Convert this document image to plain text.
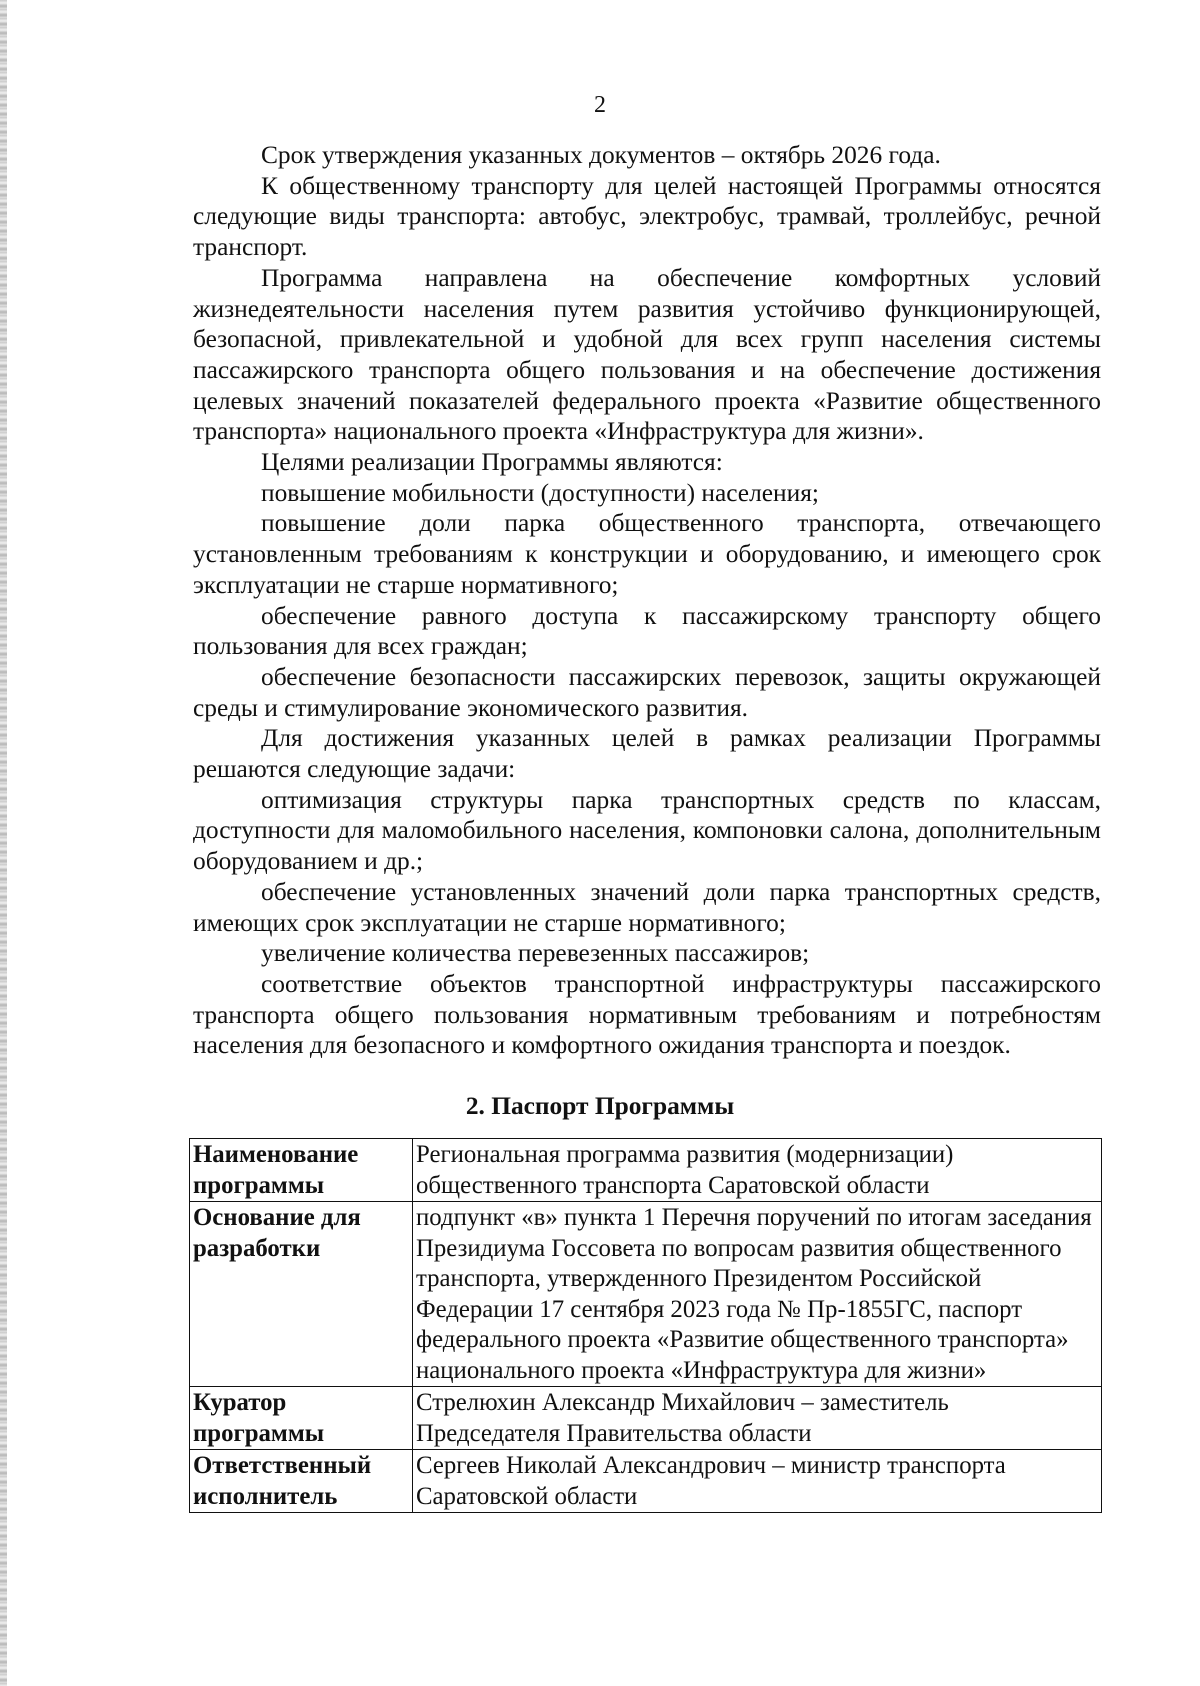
2

Срок утверждения указанных документов – октябрь 2026 года.

К общественному транспорту для целей настоящей Программы относятся следующие виды транспорта: автобус, электробус, трамвай, троллейбус, речной транспорт.

Программа направлена на обеспечение комфортных условий жизнедеятельности населения путем развития устойчиво функционирующей, безопасной, привлекательной и удобной для всех групп населения системы пассажирского транспорта общего пользования и на обеспечение достижения целевых значений показателей федерального проекта «Развитие общественного транспорта» национального проекта «Инфраструктура для жизни».

Целями реализации Программы являются:

повышение мобильности (доступности) населения;

повышение доли парка общественного транспорта, отвечающего установленным требованиям к конструкции и оборудованию, и имеющего срок эксплуатации не старше нормативного;

обеспечение равного доступа к пассажирскому транспорту общего пользования для всех граждан;

обеспечение безопасности пассажирских перевозок, защиты окружающей среды и стимулирование экономического развития.

Для достижения указанных целей в рамках реализации Программы решаются следующие задачи:

оптимизация структуры парка транспортных средств по классам, доступности для маломобильного населения, компоновки салона, дополнительным оборудованием и др.;

обеспечение установленных значений доли парка транспортных средств, имеющих срок эксплуатации не старше нормативного;

увеличение количества перевезенных пассажиров;

соответствие объектов транспортной инфраструктуры пассажирского транспорта общего пользования нормативным требованиям и потребностям населения для безопасного и комфортного ожидания транспорта и поездок.

2. Паспорт Программы
Наименование программы	Региональная программа развития (модернизации) общественного транспорта Саратовской области
Основание для разработки	подпункт «в» пункта 1 Перечня поручений по итогам заседания Президиума Госсовета по вопросам развития общественного транспорта, утвержденного Президентом Российской Федерации 17 сентября 2023 года № Пр-1855ГС, паспорт федерального проекта «Развитие общественного транспорта» национального проекта «Инфраструктура для жизни»
Куратор программы	Стрелюхин Александр Михайлович – заместитель Председателя Правительства области
Ответственный исполнитель	Сергеев Николай Александрович – министр транспорта Саратовской области
